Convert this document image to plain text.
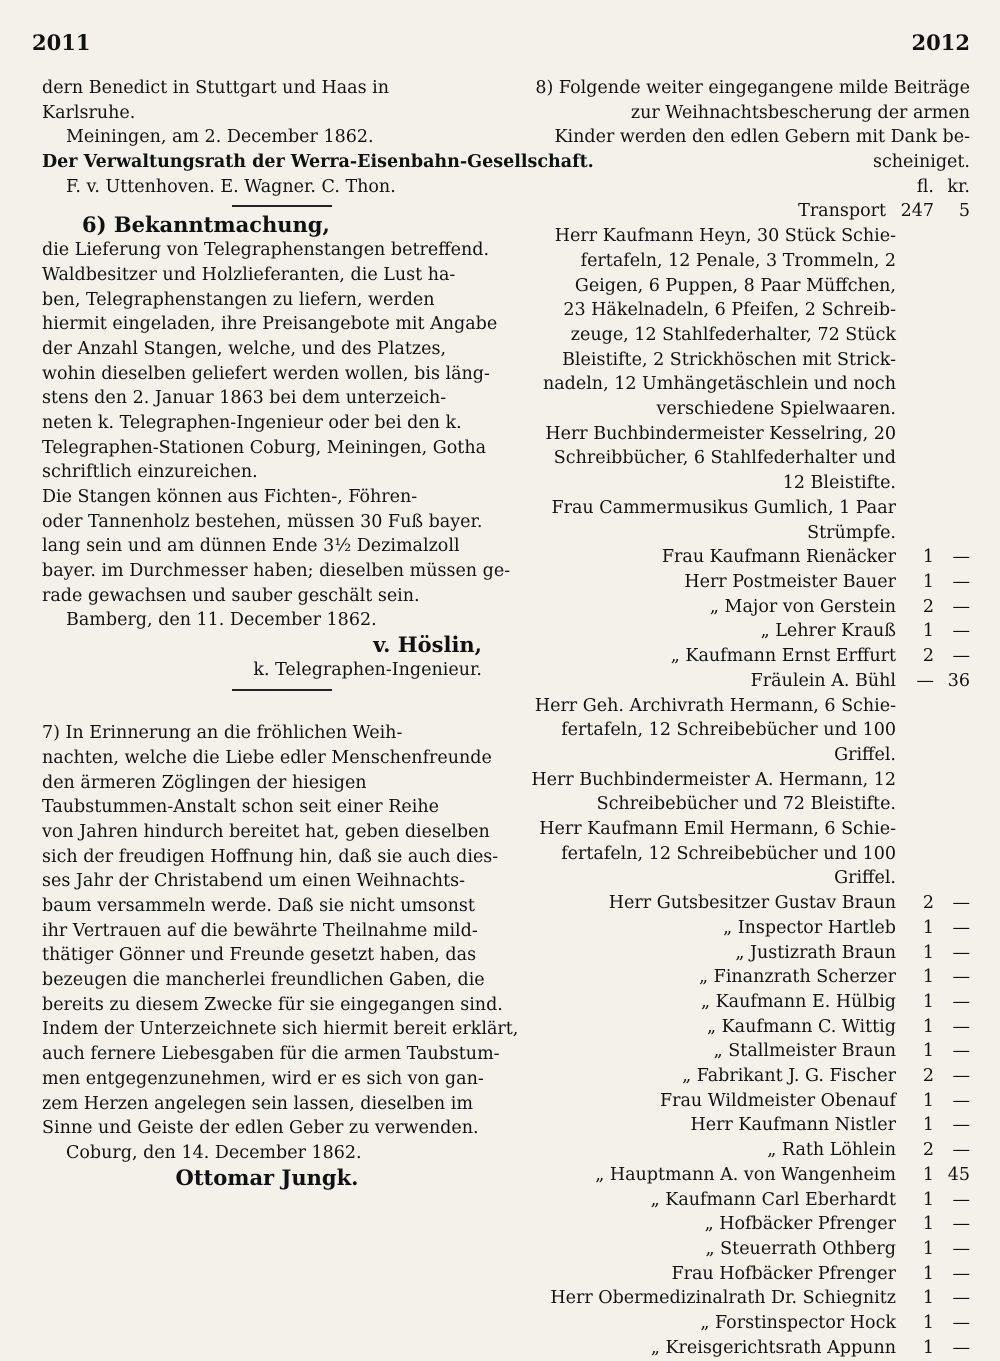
2011	2012
dern Benedict in Stuttgart und Haas in
Karlsruhe.
Meiningen, am 2. December 1862.
Der Verwaltungsrath der Werra-Eisenbahn-Gesellschaft.
F. v. Uttenhoven. E. Wagner. C. Thon.
6) Bekanntmachung,
die Lieferung von Telegraphenstangen betreffend.
Waldbesitzer und Holzlieferanten, die Lust ha-
ben, Telegraphenstangen zu liefern, werden
hiermit eingeladen, ihre Preisangebote mit Angabe
der Anzahl Stangen, welche, und des Platzes,
wohin dieselben geliefert werden wollen, bis läng-
stens den 2. Januar 1863 bei dem unterzeich-
neten k. Telegraphen-Ingenieur oder bei den k.
Telegraphen-Stationen Coburg, Meiningen, Gotha
schriftlich einzureichen.
Die Stangen können aus Fichten-, Föhren-
oder Tannenholz bestehen, müssen 30 Fuß bayer.
lang sein und am dünnen Ende 3½ Dezimalzoll
bayer. im Durchmesser haben; dieselben müssen ge-
rade gewachsen und sauber geschält sein.
Bamberg, den 11. December 1862.
v. Höslin,
k. Telegraphen-Ingenieur.
7) In Erinnerung an die fröhlichen Weih-
nachten, welche die Liebe edler Menschenfreunde
den ärmeren Zöglingen der hiesigen
Taubstummen-Anstalt schon seit einer Reihe
von Jahren hindurch bereitet hat, geben dieselben
sich der freudigen Hoffnung hin, daß sie auch dies-
ses Jahr der Christabend um einen Weihnachts-
baum versammeln werde. Daß sie nicht umsonst
ihr Vertrauen auf die bewährte Theilnahme mild-
thätiger Gönner und Freunde gesetzt haben, das
bezeugen die mancherlei freundlichen Gaben, die
bereits zu diesem Zwecke für sie eingegangen sind.
Indem der Unterzeichnete sich hiermit bereit erklärt,
auch fernere Liebesgaben für die armen Taubstum-
men entgegenzunehmen, wird er es sich von gan-
zem Herzen angelegen sein lassen, dieselben im
Sinne und Geiste der edlen Geber zu verwenden.
Coburg, den 14. December 1862.
Ottomar Jungk.
8) Folgende weiter eingegangene milde Beiträge
zur Weihnachtsbescherung der armen
Kinder werden den edlen Gebern mit Dank be-
scheiniget.
	fl.	kr.
Transport	247	5
Herr Kaufmann Heyn, 30 Stück Schie-		
fertafeln, 12 Penale, 3 Trommeln, 2		
Geigen, 6 Puppen, 8 Paar Müffchen,		
23 Häkelnadeln, 6 Pfeifen, 2 Schreib-		
zeuge, 12 Stahlfederhalter, 72 Stück		
Bleistifte, 2 Strickhöschen mit Strick-		
nadeln, 12 Umhängetäschlein und noch		
verschiedene Spielwaaren.		
Herr Buchbindermeister Kesselring, 20		
Schreibbücher, 6 Stahlfederhalter und		
12 Bleistifte.		
Frau Cammermusikus Gumlich, 1 Paar		
Strümpfe.		
Frau Kaufmann Rienäcker	1	—
Herr Postmeister Bauer	1	—
„ Major von Gerstein	2	—
„ Lehrer Krauß	1	—
„ Kaufmann Ernst Erffurt	2	—
Fräulein A. Bühl	—	36
Herr Geh. Archivrath Hermann, 6 Schie-		
fertafeln, 12 Schreibebücher und 100		
Griffel.		
Herr Buchbindermeister A. Hermann, 12		
Schreibebücher und 72 Bleistifte.		
Herr Kaufmann Emil Hermann, 6 Schie-		
fertafeln, 12 Schreibebücher und 100		
Griffel.		
Herr Gutsbesitzer Gustav Braun	2	—
„ Inspector Hartleb	1	—
„ Justizrath Braun	1	—
„ Finanzrath Scherzer	1	—
„ Kaufmann E. Hülbig	1	—
„ Kaufmann C. Wittig	1	—
„ Stallmeister Braun	1	—
„ Fabrikant J. G. Fischer	2	—
Frau Wildmeister Obenauf	1	—
Herr Kaufmann Nistler	1	—
„ Rath Löhlein	2	—
„ Hauptmann A. von Wangenheim	1	45
„ Kaufmann Carl Eberhardt	1	—
„ Hofbäcker Pfrenger	1	—
„ Steuerrath Othberg	1	—
Frau Hofbäcker Pfrenger	1	—
Herr Obermedizinalrath Dr. Schiegnitz	1	—
„ Forstinspector Hock	1	—
„ Kreisgerichtsrath Appunn	1	—
